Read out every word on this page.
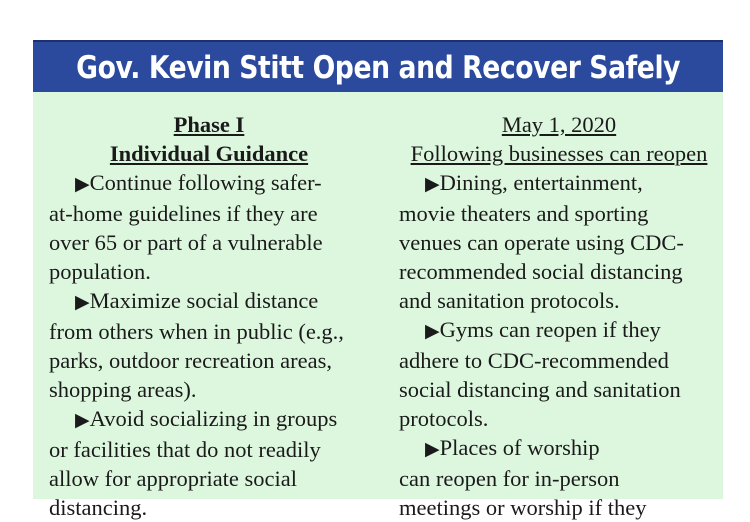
Gov. Kevin Stitt Open and Recover Safely
Phase I
Individual Guidance
▶Continue following safer-
at-home guidelines if they are
over 65 or part of a vulnerable
population.
▶Maximize social distance
from others when in public (e.g.,
parks, outdoor recreation areas,
shopping areas).
▶Avoid socializing in groups
or facilities that do not readily
allow for appropriate social
distancing.
May 1, 2020
Following businesses can reopen
▶Dining, entertainment,
movie theaters and sporting
venues can operate using CDC-
recommended social distancing
and sanitation protocols.
▶Gyms can reopen if they
adhere to CDC-recommended
social distancing and sanitation
protocols.
▶Places of worship
can reopen for in-person
meetings or worship if they
